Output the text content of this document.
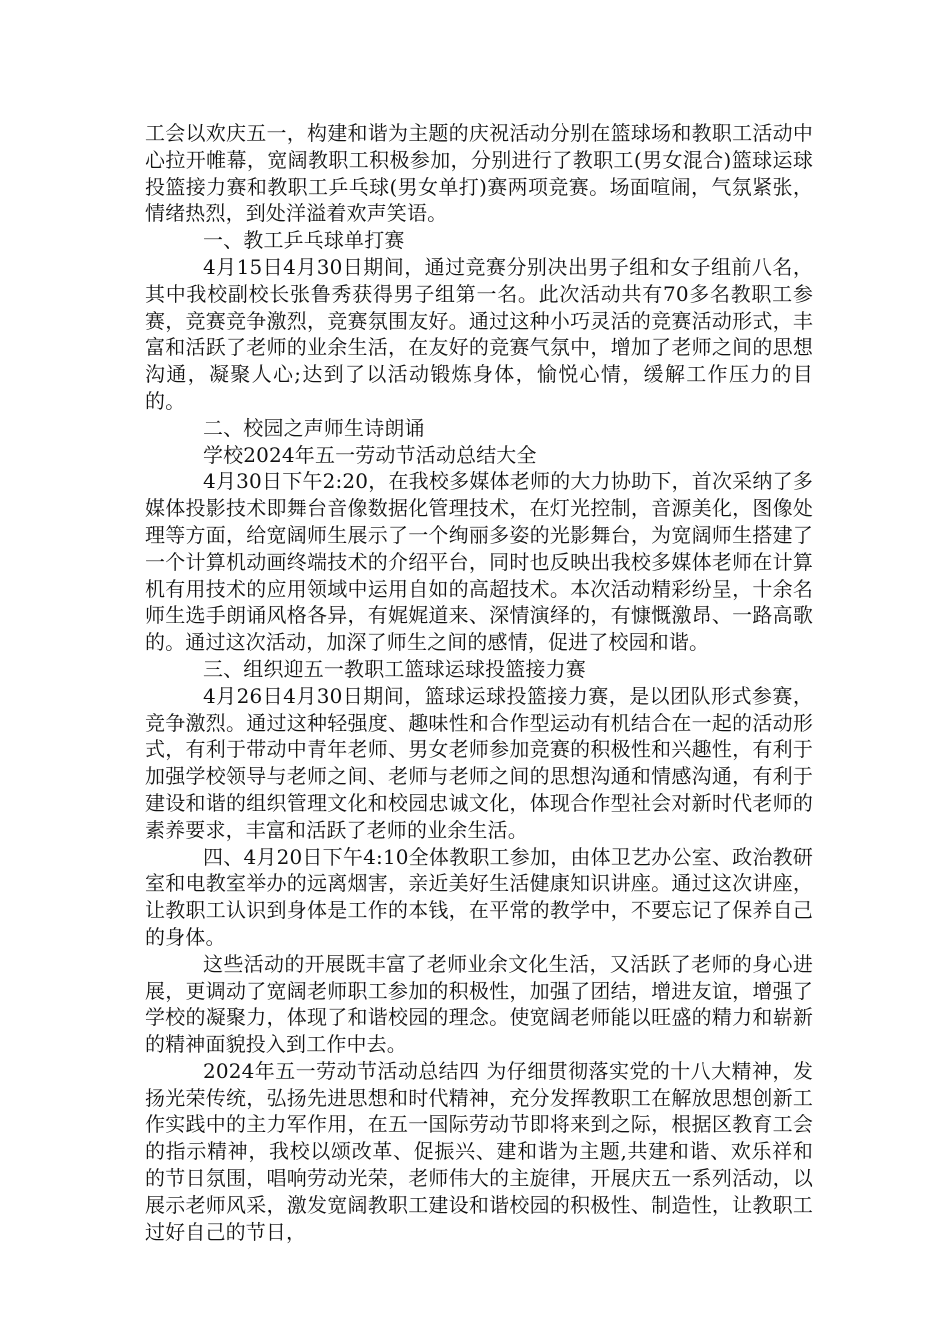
工会以欢庆五一，构建和谐为主题的庆祝活动分别在篮球场和教职工活动中心拉开帷幕，宽阔教职工积极参加，分别进行了教职工(男女混合)篮球运球投篮接力赛和教职工乒乓球(男女单打)赛两项竞赛。场面喧闹，气氛紧张，情绪热烈，到处洋溢着欢声笑语。

一、教工乒乓球单打赛

4月15日4月30日期间，通过竞赛分别决出男子组和女子组前八名，其中我校副校长张鲁秀获得男子组第一名。此次活动共有70多名教职工参赛，竞赛竞争激烈，竞赛氛围友好。通过这种小巧灵活的竞赛活动形式，丰富和活跃了老师的业余生活，在友好的竞赛气氛中，增加了老师之间的思想沟通，凝聚人心;达到了以活动锻炼身体，愉悦心情，缓解工作压力的目的。

二、校园之声师生诗朗诵

学校2024年五一劳动节活动总结大全

4月30日下午2:20，在我校多媒体老师的大力协助下，首次采纳了多媒体投影技术即舞台音像数据化管理技术，在灯光控制，音源美化，图像处理等方面，给宽阔师生展示了一个绚丽多姿的光影舞台，为宽阔师生搭建了一个计算机动画终端技术的介绍平台，同时也反映出我校多媒体老师在计算机有用技术的应用领域中运用自如的高超技术。本次活动精彩纷呈，十余名师生选手朗诵风格各异，有娓娓道来、深情演绎的，有慷慨激昂、一路高歌的。通过这次活动，加深了师生之间的感情，促进了校园和谐。

三、组织迎五一教职工篮球运球投篮接力赛

4月26日4月30日期间，篮球运球投篮接力赛，是以团队形式参赛，竞争激烈。通过这种轻强度、趣味性和合作型运动有机结合在一起的活动形式，有利于带动中青年老师、男女老师参加竞赛的积极性和兴趣性，有利于加强学校领导与老师之间、老师与老师之间的思想沟通和情感沟通，有利于建设和谐的组织管理文化和校园忠诚文化，体现合作型社会对新时代老师的素养要求，丰富和活跃了老师的业余生活。

四、4月20日下午4:10全体教职工参加，由体卫艺办公室、政治教研室和电教室举办的远离烟害，亲近美好生活健康知识讲座。通过这次讲座，让教职工认识到身体是工作的本钱，在平常的教学中，不要忘记了保养自己的身体。

这些活动的开展既丰富了老师业余文化生活，又活跃了老师的身心进展，更调动了宽阔老师职工参加的积极性，加强了团结，增进友谊，增强了学校的凝聚力，体现了和谐校园的理念。使宽阔老师能以旺盛的精力和崭新的精神面貌投入到工作中去。

2024年五一劳动节活动总结四 为仔细贯彻落实党的十八大精神，发扬光荣传统，弘扬先进思想和时代精神，充分发挥教职工在解放思想创新工作实践中的主力军作用，在五一国际劳动节即将来到之际，根据区教育工会的指示精神，我校以颂改革、促振兴、建和谐为主题,共建和谐、欢乐祥和的节日氛围，唱响劳动光荣，老师伟大的主旋律，开展庆五一系列活动，以展示老师风采，激发宽阔教职工建设和谐校园的积极性、制造性，让教职工过好自己的节日，
